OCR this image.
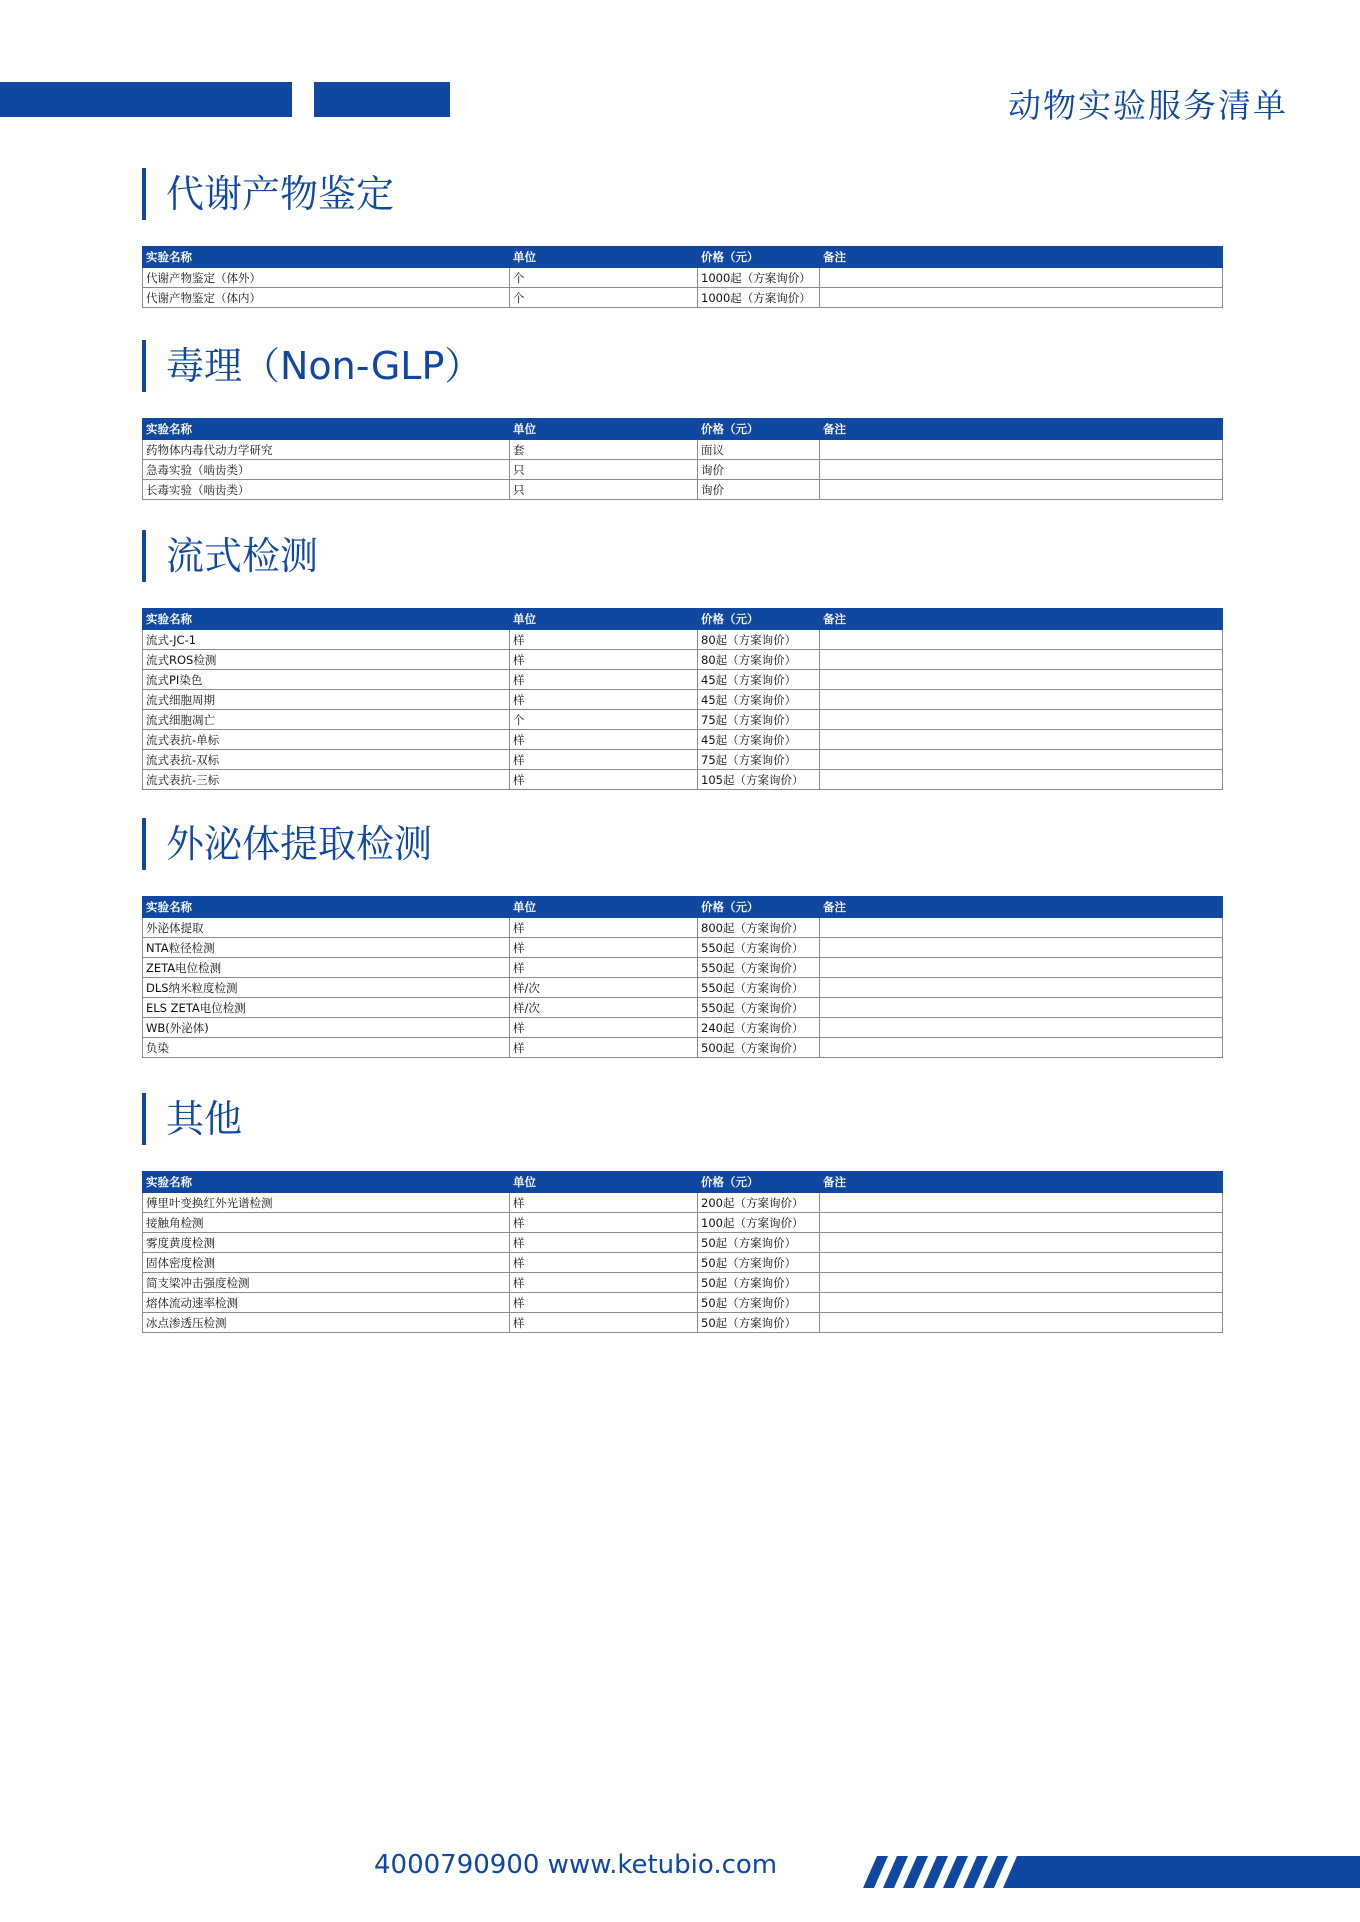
动物实验服务清单
代谢产物鉴定
实验名称	单位	价格（元）	备注
代谢产物鉴定（体外）	个	1000起（方案询价）	
代谢产物鉴定（体内）	个	1000起（方案询价）	
毒理（Non-GLP）
实验名称	单位	价格（元）	备注
药物体内毒代动力学研究	套	面议	
急毒实验（啮齿类）	只	询价	
长毒实验（啮齿类）	只	询价	
流式检测
实验名称	单位	价格（元）	备注
流式-JC-1	样	80起（方案询价）	
流式ROS检测	样	80起（方案询价）	
流式PI染色	样	45起（方案询价）	
流式细胞周期	样	45起（方案询价）	
流式细胞凋亡	个	75起（方案询价）	
流式表抗-单标	样	45起（方案询价）	
流式表抗-双标	样	75起（方案询价）	
流式表抗-三标	样	105起（方案询价）	
外泌体提取检测
实验名称	单位	价格（元）	备注
外泌体提取	样	800起（方案询价）	
NTA粒径检测	样	550起（方案询价）	
ZETA电位检测	样	550起（方案询价）	
DLS纳米粒度检测	样/次	550起（方案询价）	
ELS ZETA电位检测	样/次	550起（方案询价）	
WB(外泌体)	样	240起（方案询价）	
负染	样	500起（方案询价）	
其他
实验名称	单位	价格（元）	备注
傅里叶变换红外光谱检测	样	200起（方案询价）	
接触角检测	样	100起（方案询价）	
雾度黄度检测	样	50起（方案询价）	
固体密度检测	样	50起（方案询价）	
简支梁冲击强度检测	样	50起（方案询价）	
熔体流动速率检测	样	50起（方案询价）	
冰点渗透压检测	样	50起（方案询价）	
4000790900 www.ketubio.com
